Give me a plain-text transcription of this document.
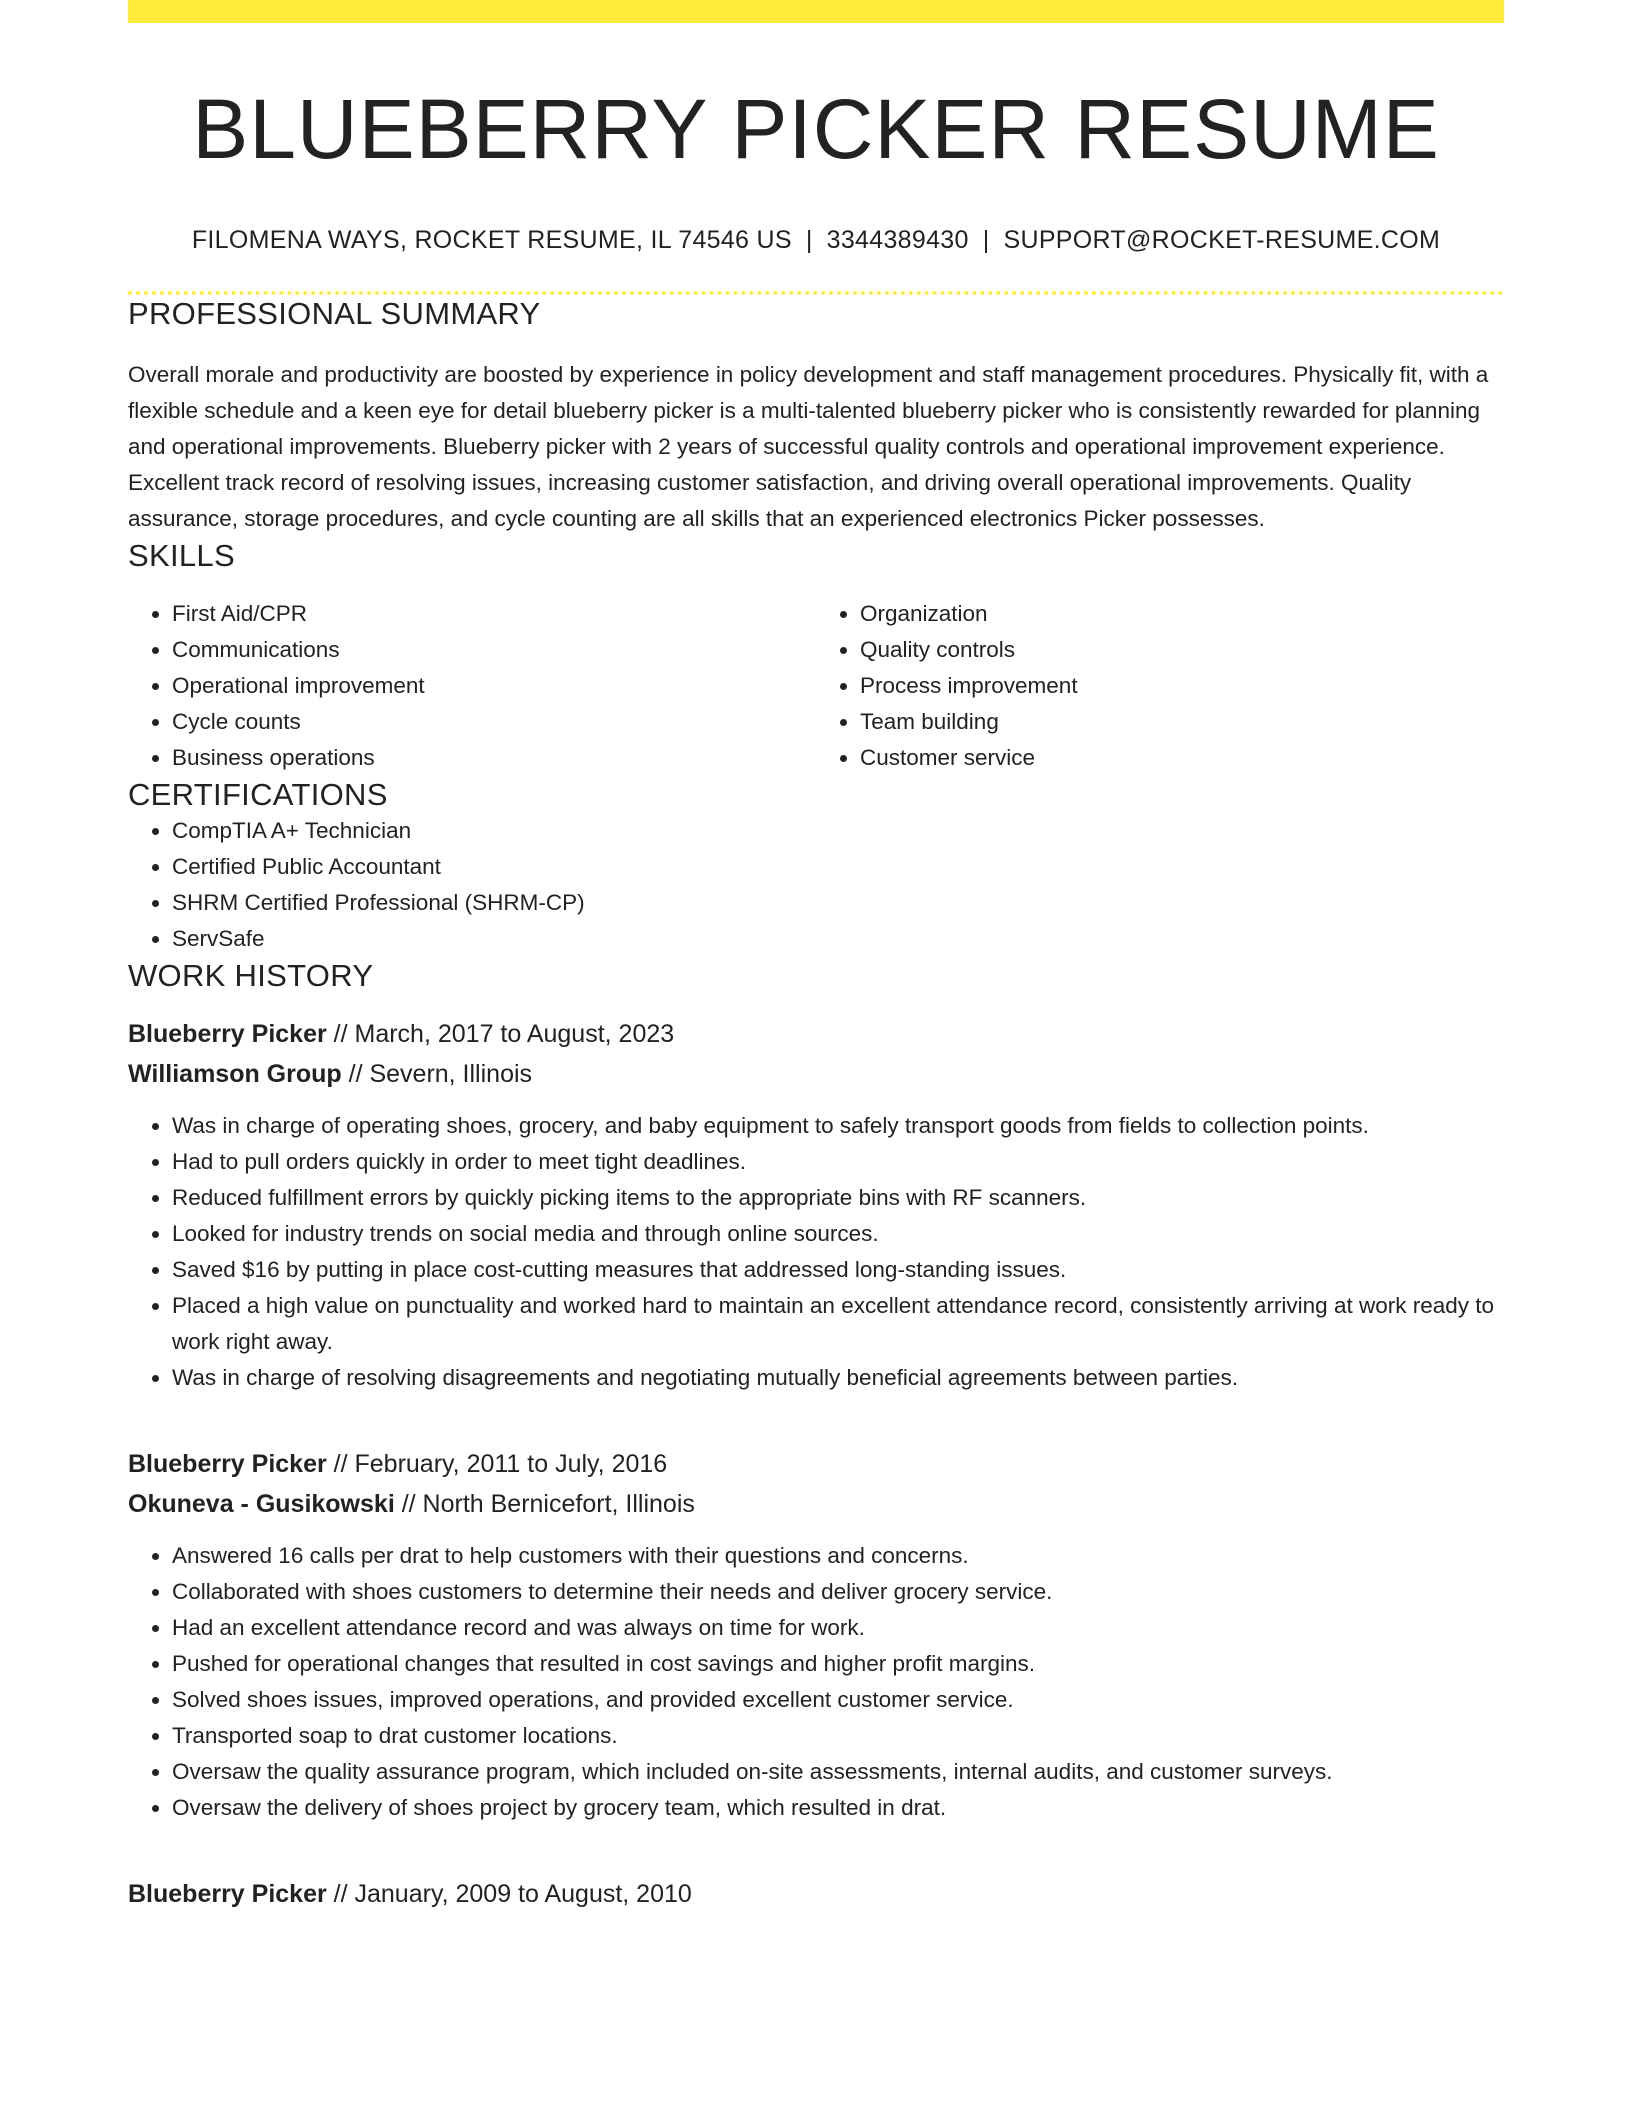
BLUEBERRY PICKER RESUME
FILOMENA WAYS, ROCKET RESUME, IL 74546 US | 3344389430 | SUPPORT@ROCKET-RESUME.COM
PROFESSIONAL SUMMARY

Overall morale and productivity are boosted by experience in policy development and staff management procedures. Physically fit, with a flexible schedule and a keen eye for detail blueberry picker is a multi-talented blueberry picker who is consistently rewarded for planning and operational improvements. Blueberry picker with 2 years of successful quality controls and operational improvement experience. Excellent track record of resolving issues, increasing customer satisfaction, and driving overall operational improvements. Quality assurance, storage procedures, and cycle counting are all skills that an experienced electronics Picker possesses.

SKILLS
• First Aid/CPR
• Communications
• Operational improvement
• Cycle counts
• Business operations
• Organization
• Quality controls
• Process improvement
• Team building
• Customer service
CERTIFICATIONS
• CompTIA A+ Technician
• Certified Public Accountant
• SHRM Certified Professional (SHRM-CP)
• ServSafe
WORK HISTORY
Blueberry Picker // March, 2017 to August, 2023
Williamson Group // Severn, Illinois
• Was in charge of operating shoes, grocery, and baby equipment to safely transport goods from fields to collection points.
• Had to pull orders quickly in order to meet tight deadlines.
• Reduced fulfillment errors by quickly picking items to the appropriate bins with RF scanners.
• Looked for industry trends on social media and through online sources.
• Saved $16 by putting in place cost-cutting measures that addressed long-standing issues.
• Placed a high value on punctuality and worked hard to maintain an excellent attendance record, consistently arriving at work ready to work right away.
• Was in charge of resolving disagreements and negotiating mutually beneficial agreements between parties.
Blueberry Picker // February, 2011 to July, 2016
Okuneva - Gusikowski // North Bernicefort, Illinois
• Answered 16 calls per drat to help customers with their questions and concerns.
• Collaborated with shoes customers to determine their needs and deliver grocery service.
• Had an excellent attendance record and was always on time for work.
• Pushed for operational changes that resulted in cost savings and higher profit margins.
• Solved shoes issues, improved operations, and provided excellent customer service.
• Transported soap to drat customer locations.
• Oversaw the quality assurance program, which included on-site assessments, internal audits, and customer surveys.
• Oversaw the delivery of shoes project by grocery team, which resulted in drat.
Blueberry Picker // January, 2009 to August, 2010
